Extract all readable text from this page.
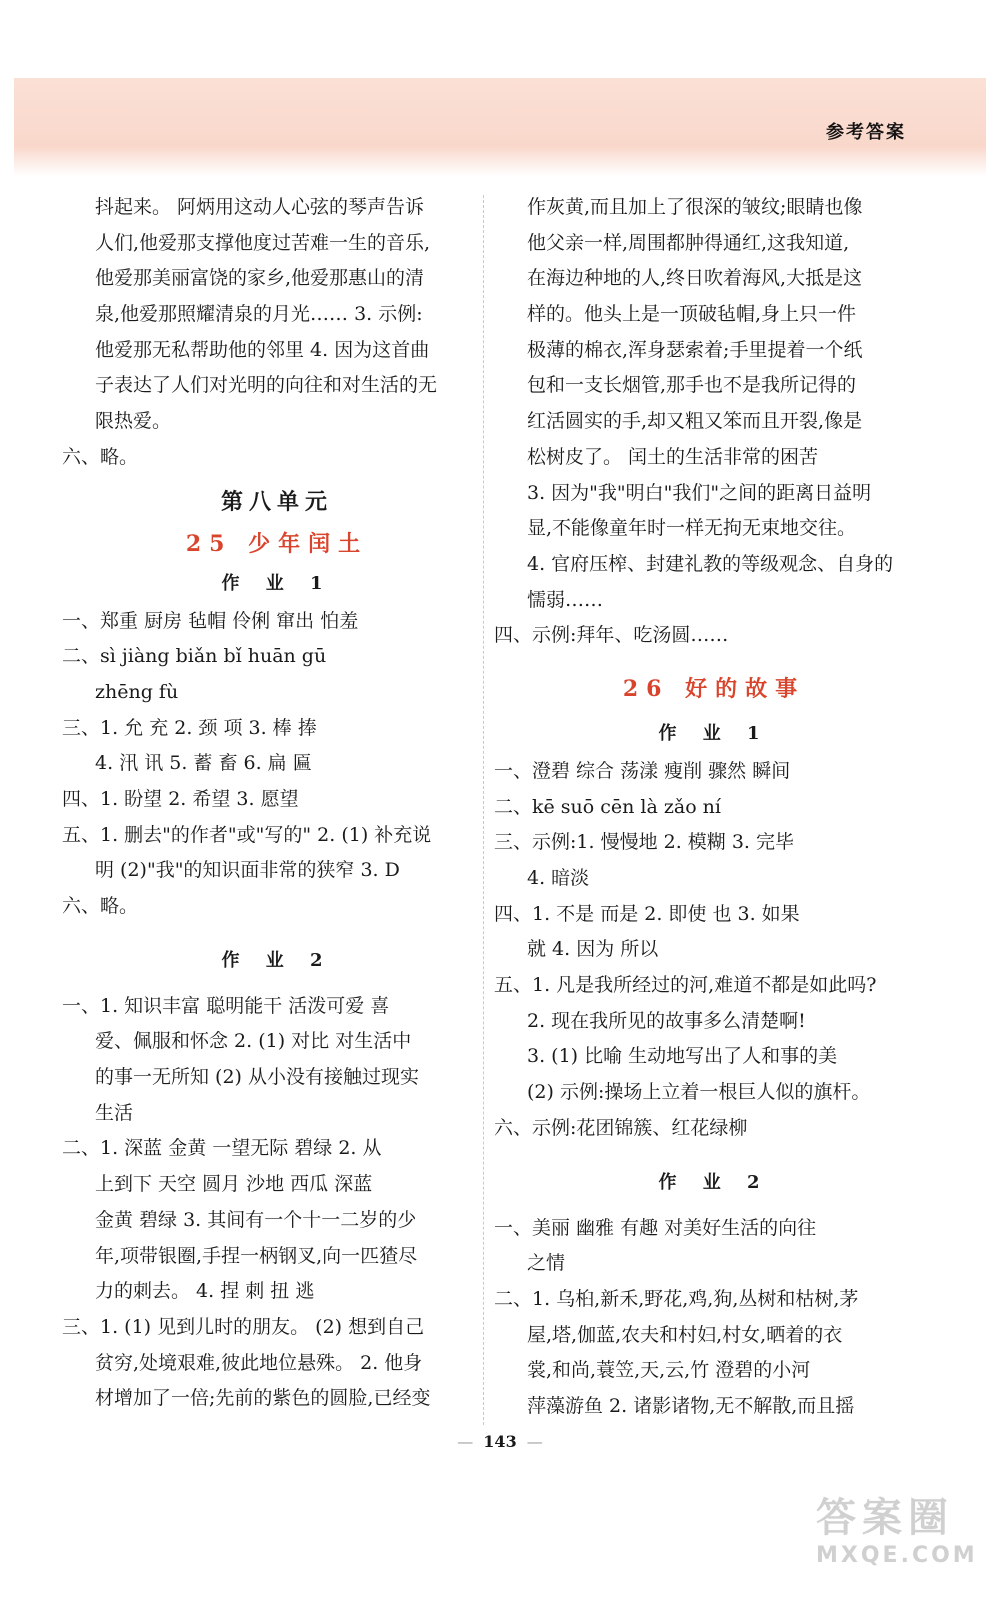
参考答案
抖起来。 阿炳用这动人心弦的琴声告诉
人们,他爱那支撑他度过苦难一生的音乐,
他爱那美丽富饶的家乡,他爱那惠山的清
泉,他爱那照耀清泉的月光…… 3. 示例:
他爱那无私帮助他的邻里 4. 因为这首曲
子表达了人们对光明的向往和对生活的无
限热爱。
六、略。
第八单元
25 少年闰土
作 业 1
一、郑重 厨房 毡帽 伶俐 窜出 怕羞
二、sì jiàng biǎn bǐ huān gū
zhēng fù
三、1. 允 充 2. 颈 项 3. 棒 捧
4. 汛 讯 5. 蓄 畜 6. 扁 匾
四、1. 盼望 2. 希望 3. 愿望
五、1. 删去"的作者"或"写的" 2. (1) 补充说
明 (2)"我"的知识面非常的狭窄 3. D
六、略。
作 业 2
一、1. 知识丰富 聪明能干 活泼可爱 喜
爱、佩服和怀念 2. (1) 对比 对生活中
的事一无所知 (2) 从小没有接触过现实
生活
二、1. 深蓝 金黄 一望无际 碧绿 2. 从
上到下 天空 圆月 沙地 西瓜 深蓝
金黄 碧绿 3. 其间有一个十一二岁的少
年,项带银圈,手捏一柄钢叉,向一匹猹尽
力的刺去。 4. 捏 刺 扭 逃
三、1. (1) 见到儿时的朋友。 (2) 想到自己
贫穷,处境艰难,彼此地位悬殊。 2. 他身
材增加了一倍;先前的紫色的圆脸,已经变
作灰黄,而且加上了很深的皱纹;眼睛也像
他父亲一样,周围都肿得通红,这我知道,
在海边种地的人,终日吹着海风,大抵是这
样的。他头上是一顶破毡帽,身上只一件
极薄的棉衣,浑身瑟索着;手里提着一个纸
包和一支长烟管,那手也不是我所记得的
红活圆实的手,却又粗又笨而且开裂,像是
松树皮了。 闰土的生活非常的困苦
3. 因为"我"明白"我们"之间的距离日益明
显,不能像童年时一样无拘无束地交往。
4. 官府压榨、封建礼教的等级观念、自身的
懦弱……
四、示例:拜年、吃汤圆……
26 好的故事
作 业 1
一、澄碧 综合 荡漾 瘦削 骤然 瞬间
二、kē suō cēn là zǎo ní
三、示例:1. 慢慢地 2. 模糊 3. 完毕
4. 暗淡
四、1. 不是 而是 2. 即使 也 3. 如果
就 4. 因为 所以
五、1. 凡是我所经过的河,难道不都是如此吗?
2. 现在我所见的故事多么清楚啊!
3. (1) 比喻 生动地写出了人和事的美
(2) 示例:操场上立着一根巨人似的旗杆。
六、示例:花团锦簇、红花绿柳
作 业 2
一、美丽 幽雅 有趣 对美好生活的向往
之情
二、1. 乌桕,新禾,野花,鸡,狗,丛树和枯树,茅
屋,塔,伽蓝,农夫和村妇,村女,晒着的衣
裳,和尚,蓑笠,天,云,竹 澄碧的小河
萍藻游鱼 2. 诸影诸物,无不解散,而且摇
— 143 —
答案圈
MXQE.COM
